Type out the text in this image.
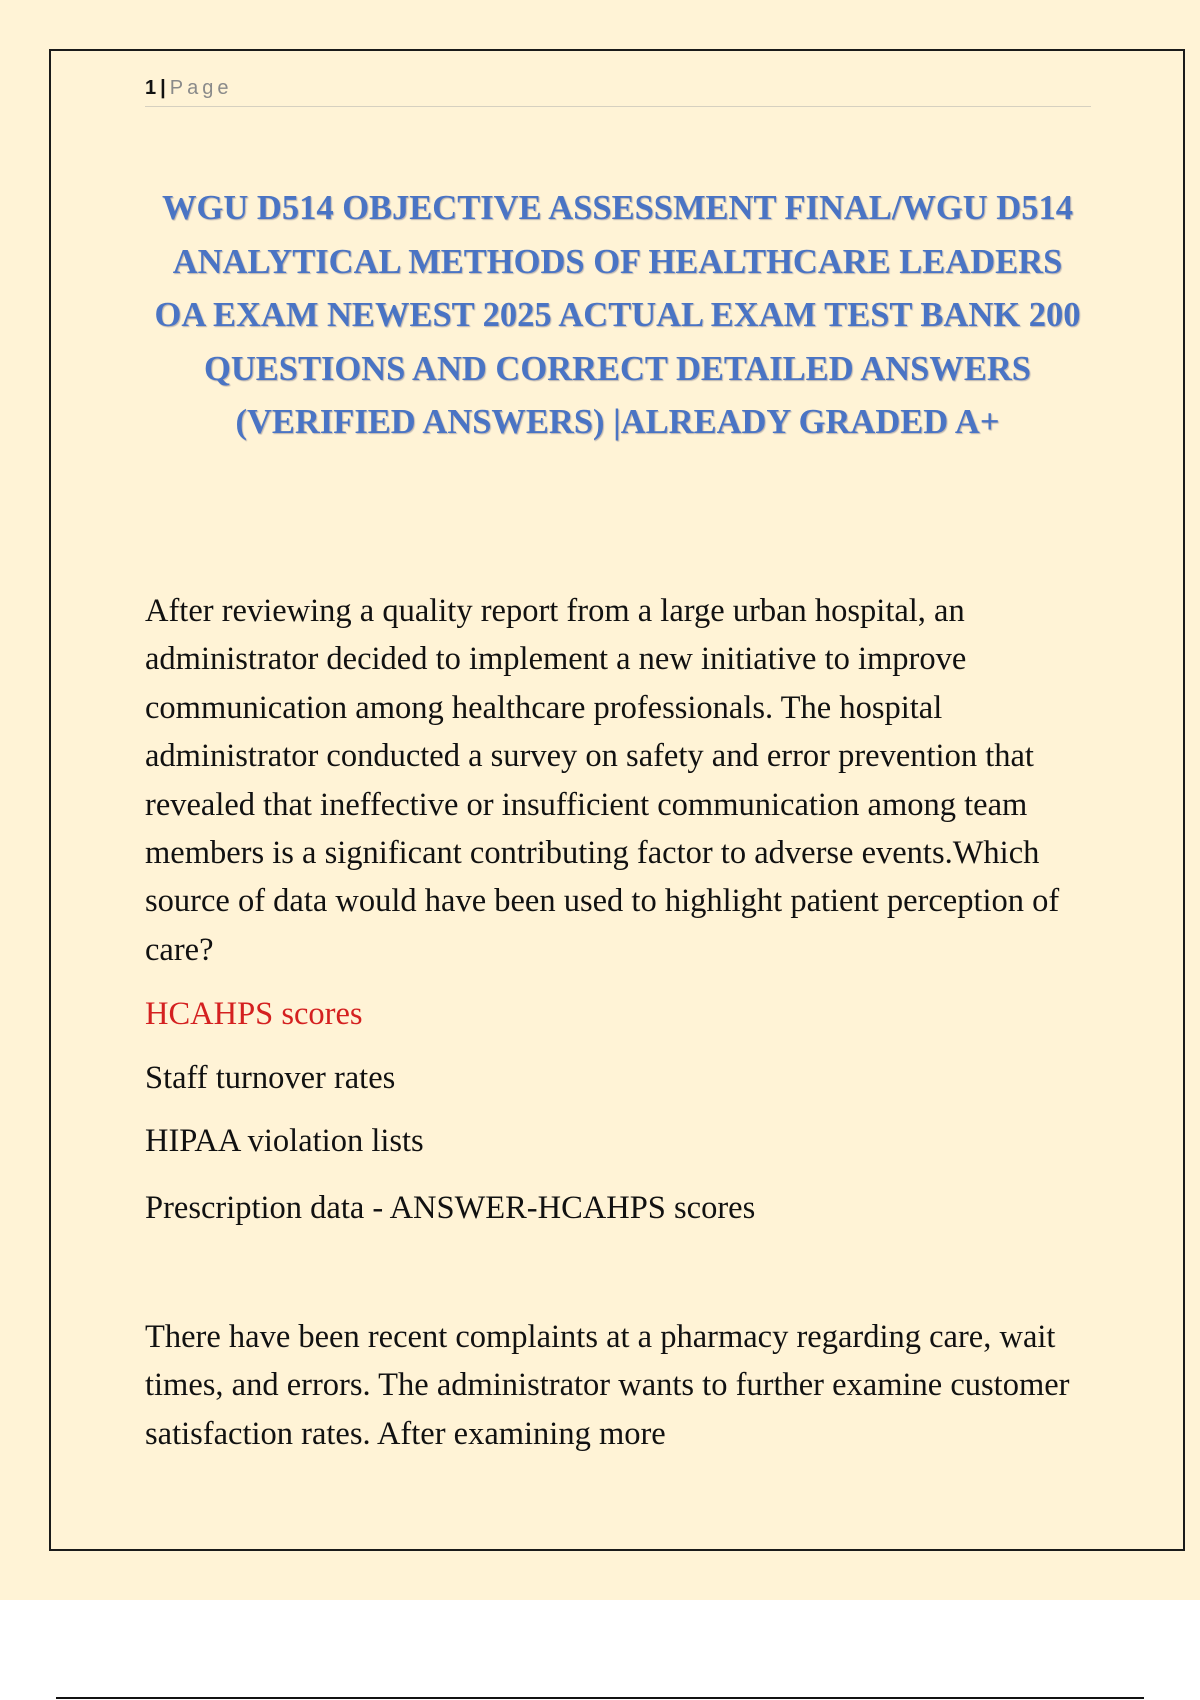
1 | Page
WGU D514 OBJECTIVE ASSESSMENT FINAL/WGU D514 ANALYTICAL METHODS OF HEALTHCARE LEADERS OA EXAM NEWEST 2025 ACTUAL EXAM TEST BANK 200 QUESTIONS AND CORRECT DETAILED ANSWERS (VERIFIED ANSWERS) |ALREADY GRADED A+

After reviewing a quality report from a large urban hospital, an administrator decided to implement a new initiative to improve communication among healthcare professionals. The hospital administrator conducted a survey on safety and error prevention that revealed that ineffective or insufficient communication among team members is a significant contributing factor to adverse events.Which source of data would have been used to highlight patient perception of care?

HCAHPS scores

Staff turnover rates

HIPAA violation lists

Prescription data - ANSWER-HCAHPS scores

There have been recent complaints at a pharmacy regarding care, wait times, and errors. The administrator wants to further examine customer satisfaction rates. After examining more
